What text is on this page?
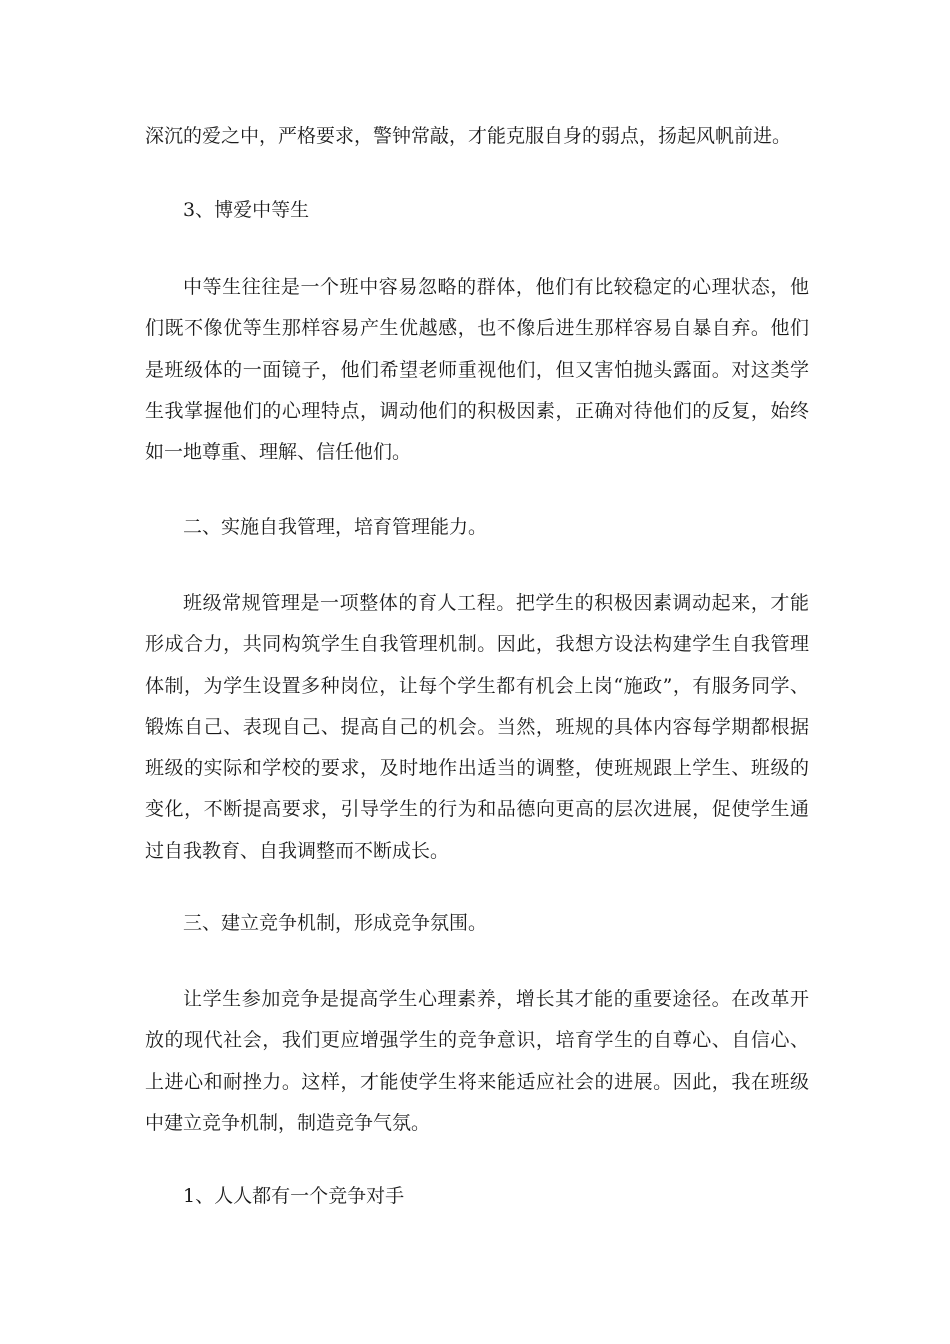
深沉的爱之中，严格要求，警钟常敲，才能克服自身的弱点，扬起风帆前进。

3、博爱中等生

中等生往往是一个班中容易忽略的群体，他们有比较稳定的心理状态，他们既不像优等生那样容易产生优越感，也不像后进生那样容易自暴自弃。他们是班级体的一面镜子，他们希望老师重视他们，但又害怕抛头露面。对这类学生我掌握他们的心理特点，调动他们的积极因素，正确对待他们的反复，始终如一地尊重、理解、信任他们。

二、实施自我管理，培育管理能力。

班级常规管理是一项整体的育人工程。把学生的积极因素调动起来，才能形成合力，共同构筑学生自我管理机制。因此，我想方设法构建学生自我管理体制，为学生设置多种岗位，让每个学生都有机会上岗“施政”，有服务同学、锻炼自己、表现自己、提高自己的机会。当然，班规的具体内容每学期都根据班级的实际和学校的要求，及时地作出适当的调整，使班规跟上学生、班级的变化，不断提高要求，引导学生的行为和品德向更高的层次进展，促使学生通过自我教育、自我调整而不断成长。

三、建立竞争机制，形成竞争氛围。

让学生参加竞争是提高学生心理素养，增长其才能的重要途径。在改革开放的现代社会，我们更应增强学生的竞争意识，培育学生的自尊心、自信心、上进心和耐挫力。这样，才能使学生将来能适应社会的进展。因此，我在班级中建立竞争机制，制造竞争气氛。

1、人人都有一个竞争对手
